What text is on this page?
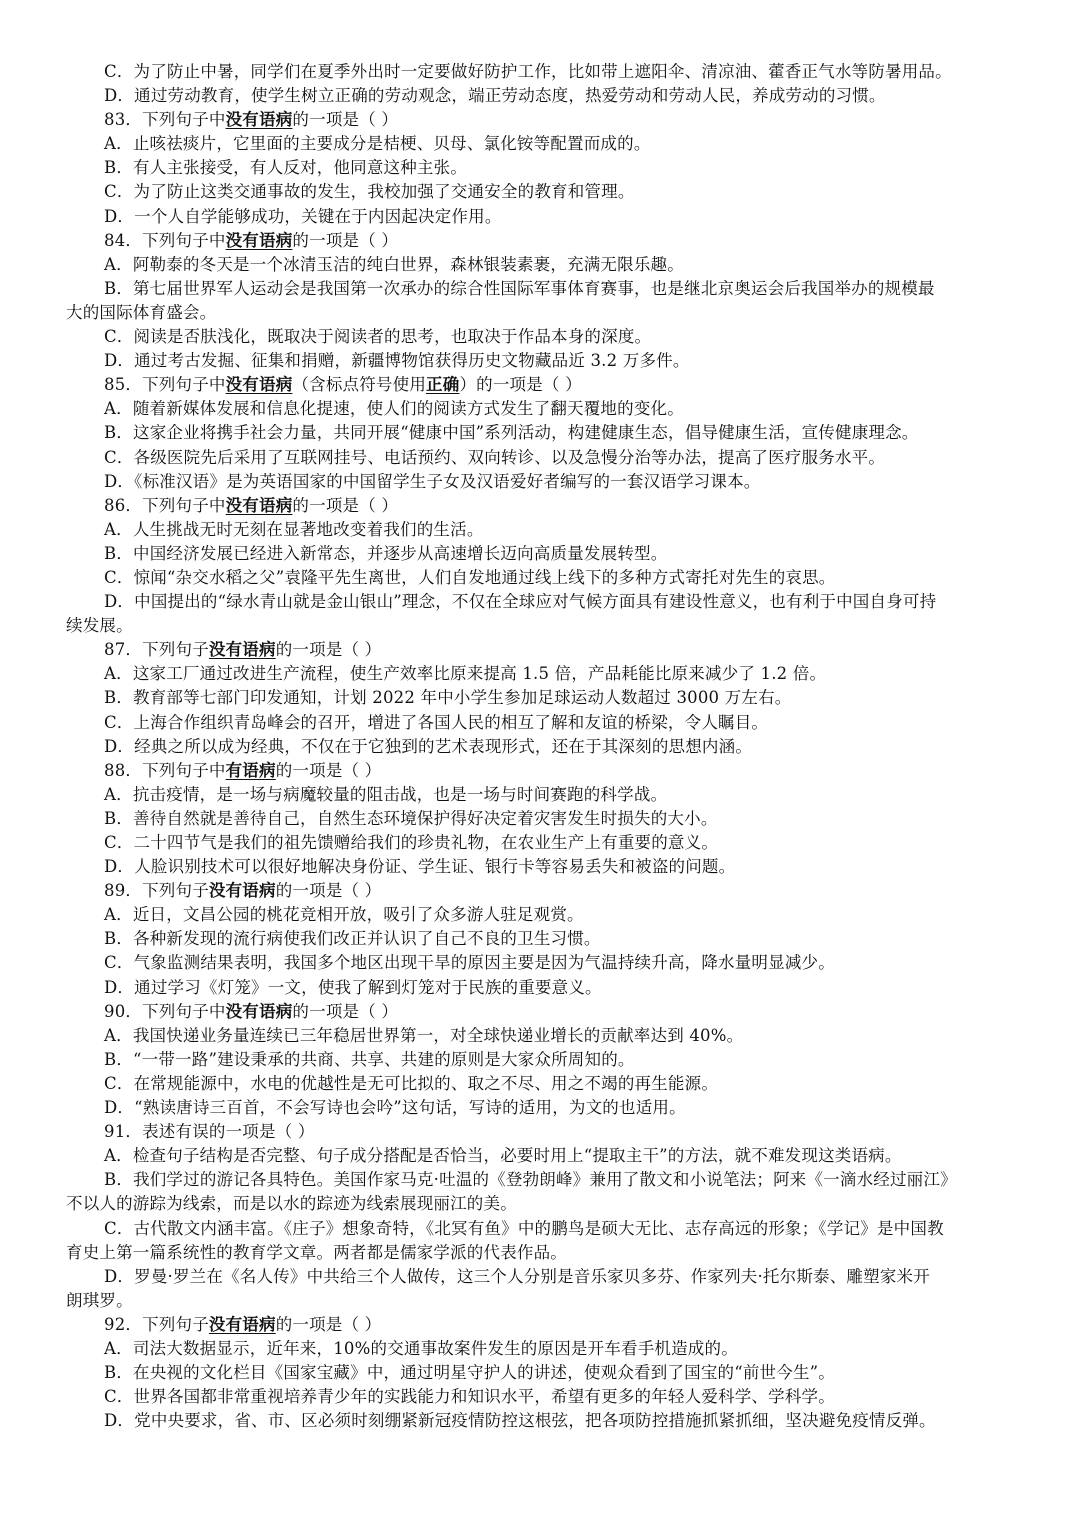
C．为了防止中暑，同学们在夏季外出时一定要做好防护工作，比如带上遮阳伞、清凉油、藿香正气水等防暑用品。
D．通过劳动教育，使学生树立正确的劳动观念，端正劳动态度，热爱劳动和劳动人民，养成劳动的习惯。
83．下列句子中没有语病的一项是（ ）
A．止咳祛痰片，它里面的主要成分是桔梗、贝母、氯化铵等配置而成的。
B．有人主张接受，有人反对，他同意这种主张。
C．为了防止这类交通事故的发生，我校加强了交通安全的教育和管理。
D．一个人自学能够成功，关键在于内因起决定作用。
84．下列句子中没有语病的一项是（ ）
A．阿勒泰的冬天是一个冰清玉洁的纯白世界，森林银装素裹，充满无限乐趣。
B．第七届世界军人运动会是我国第一次承办的综合性国际军事体育赛事，也是继北京奥运会后我国举办的规模最
大的国际体育盛会。
C．阅读是否肤浅化，既取决于阅读者的思考，也取决于作品本身的深度。
D．通过考古发掘、征集和捐赠，新疆博物馆获得历史文物藏品近 3.2 万多件。
85．下列句子中没有语病（含标点符号使用正确）的一项是（ ）
A．随着新媒体发展和信息化提速，使人们的阅读方式发生了翻天覆地的变化。
B．这家企业将携手社会力量，共同开展“健康中国”系列活动，构建健康生态，倡导健康生活，宣传健康理念。
C．各级医院先后采用了互联网挂号、电话预约、双向转诊、以及急慢分治等办法，提高了医疗服务水平。
D．《标准汉语》是为英语国家的中国留学生子女及汉语爱好者编写的一套汉语学习课本。
86．下列句子中没有语病的一项是（ ）
A．人生挑战无时无刻在显著地改变着我们的生活。
B．中国经济发展已经进入新常态，并逐步从高速增长迈向高质量发展转型。
C．惊闻“杂交水稻之父”袁隆平先生离世，人们自发地通过线上线下的多种方式寄托对先生的哀思。
D．中国提出的“绿水青山就是金山银山”理念，不仅在全球应对气候方面具有建设性意义，也有利于中国自身可持
续发展。
87．下列句子没有语病的一项是（ ）
A．这家工厂通过改进生产流程，使生产效率比原来提高 1.5 倍，产品耗能比原来减少了 1.2 倍。
B．教育部等七部门印发通知，计划 2022 年中小学生参加足球运动人数超过 3000 万左右。
C．上海合作组织青岛峰会的召开，增进了各国人民的相互了解和友谊的桥梁，令人瞩目。
D．经典之所以成为经典，不仅在于它独到的艺术表现形式，还在于其深刻的思想内涵。
88．下列句子中有语病的一项是（ ）
A．抗击疫情，是一场与病魔较量的阻击战，也是一场与时间赛跑的科学战。
B．善待自然就是善待自己，自然生态环境保护得好决定着灾害发生时损失的大小。
C．二十四节气是我们的祖先馈赠给我们的珍贵礼物，在农业生产上有重要的意义。
D．人脸识别技术可以很好地解决身份证、学生证、银行卡等容易丢失和被盗的问题。
89．下列句子没有语病的一项是（ ）
A．近日，文昌公园的桃花竞相开放，吸引了众多游人驻足观赏。
B．各种新发现的流行病使我们改正并认识了自己不良的卫生习惯。
C．气象监测结果表明，我国多个地区出现干旱的原因主要是因为气温持续升高，降水量明显减少。
D．通过学习《灯笼》一文，使我了解到灯笼对于民族的重要意义。
90．下列句子中没有语病的一项是（ ）
A．我国快递业务量连续已三年稳居世界第一，对全球快递业增长的贡献率达到 40%。
B．“一带一路”建设秉承的共商、共享、共建的原则是大家众所周知的。
C．在常规能源中，水电的优越性是无可比拟的、取之不尽、用之不竭的再生能源。
D．“熟读唐诗三百首，不会写诗也会吟”这句话，写诗的适用，为文的也适用。
91．表述有误的一项是（ ）
A．检查句子结构是否完整、句子成分搭配是否恰当，必要时用上“提取主干”的方法，就不难发现这类语病。
B．我们学过的游记各具特色。美国作家马克·吐温的《登勃朗峰》兼用了散文和小说笔法；阿来《一滴水经过丽江》
不以人的游踪为线索，而是以水的踪迹为线索展现丽江的美。
C．古代散文内涵丰富。《庄子》想象奇特，《北冥有鱼》中的鹏鸟是硕大无比、志存高远的形象；《学记》是中国教
育史上第一篇系统性的教育学文章。两者都是儒家学派的代表作品。
D．罗曼·罗兰在《名人传》中共给三个人做传，这三个人分别是音乐家贝多芬、作家列夫·托尔斯泰、雕塑家米开
朗琪罗。
92．下列句子没有语病的一项是（ ）
A．司法大数据显示，近年来，10%的交通事故案件发生的原因是开车看手机造成的。
B．在央视的文化栏目《国家宝藏》中，通过明星守护人的讲述，使观众看到了国宝的“前世今生”。
C．世界各国都非常重视培养青少年的实践能力和知识水平，希望有更多的年轻人爱科学、学科学。
D．党中央要求，省、市、区必须时刻绷紧新冠疫情防控这根弦，把各项防控措施抓紧抓细，坚决避免疫情反弹。
